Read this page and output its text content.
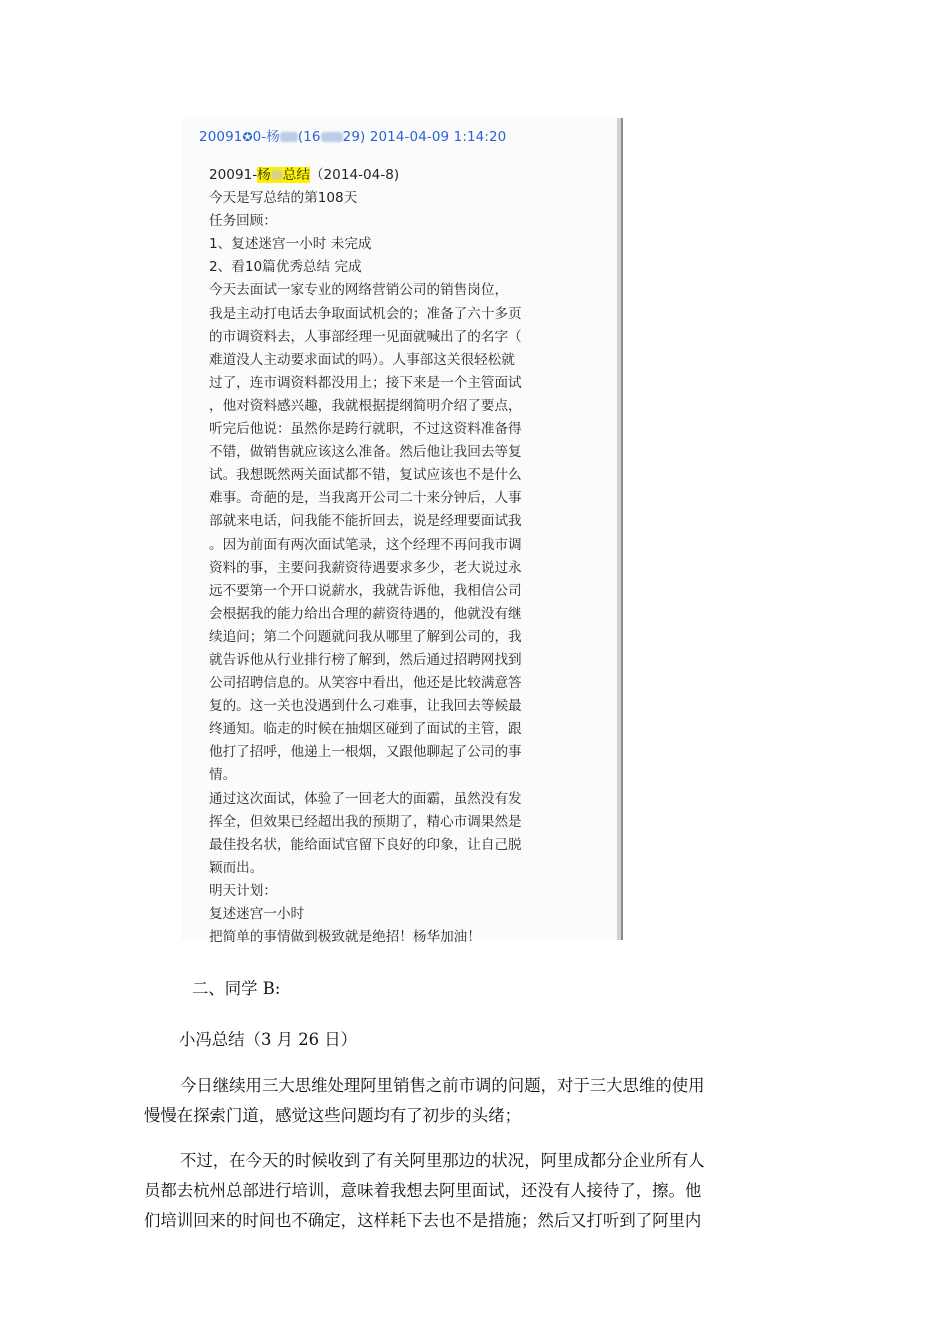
20091✪0-杨 (16 29) 2014-04-09 1:14:20
20091-杨 总结（2014-04-8)
今天是写总结的第108天
任务回顾：
1、复述迷宫一小时 未完成
2、看10篇优秀总结 完成
今天去面试一家专业的网络营销公司的销售岗位，
我是主动打电话去争取面试机会的；准备了六十多页
的市调资料去，人事部经理一见面就喊出了的名字（
难道没人主动要求面试的吗）。人事部这关很轻松就
过了，连市调资料都没用上；接下来是一个主管面试
，他对资料感兴趣，我就根据提纲简明介绍了要点，
听完后他说：虽然你是跨行就职，不过这资料准备得
不错，做销售就应该这么准备。然后他让我回去等复
试。我想既然两关面试都不错，复试应该也不是什么
难事。奇葩的是，当我离开公司二十来分钟后，人事
部就来电话，问我能不能折回去，说是经理要面试我
。因为前面有两次面试笔录，这个经理不再问我市调
资料的事，主要问我薪资待遇要求多少，老大说过永
远不要第一个开口说薪水，我就告诉他，我相信公司
会根据我的能力给出合理的薪资待遇的，他就没有继
续追问；第二个问题就问我从哪里了解到公司的，我
就告诉他从行业排行榜了解到，然后通过招聘网找到
公司招聘信息的。从笑容中看出，他还是比较满意答
复的。这一关也没遇到什么刁难事，让我回去等候最
终通知。临走的时候在抽烟区碰到了面试的主管，跟
他打了招呼，他递上一根烟，又跟他聊起了公司的事
情。
通过这次面试，体验了一回老大的面霸，虽然没有发
挥全，但效果已经超出我的预期了，精心市调果然是
最佳投名状，能给面试官留下良好的印象，让自己脱
颖而出。
明天计划：
复述迷宫一小时
把简单的事情做到极致就是绝招！杨华加油！
二、同学 B:
小冯总结（3 月 26 日）
今日继续用三大思维处理阿里销售之前市调的问题，对于三大思维的使用
慢慢在探索门道，感觉这些问题均有了初步的头绪；
不过，在今天的时候收到了有关阿里那边的状况，阿里成都分企业所有人
员都去杭州总部进行培训，意味着我想去阿里面试，还没有人接待了，擦。他
们培训回来的时间也不确定，这样耗下去也不是措施；然后又打听到了阿里内
